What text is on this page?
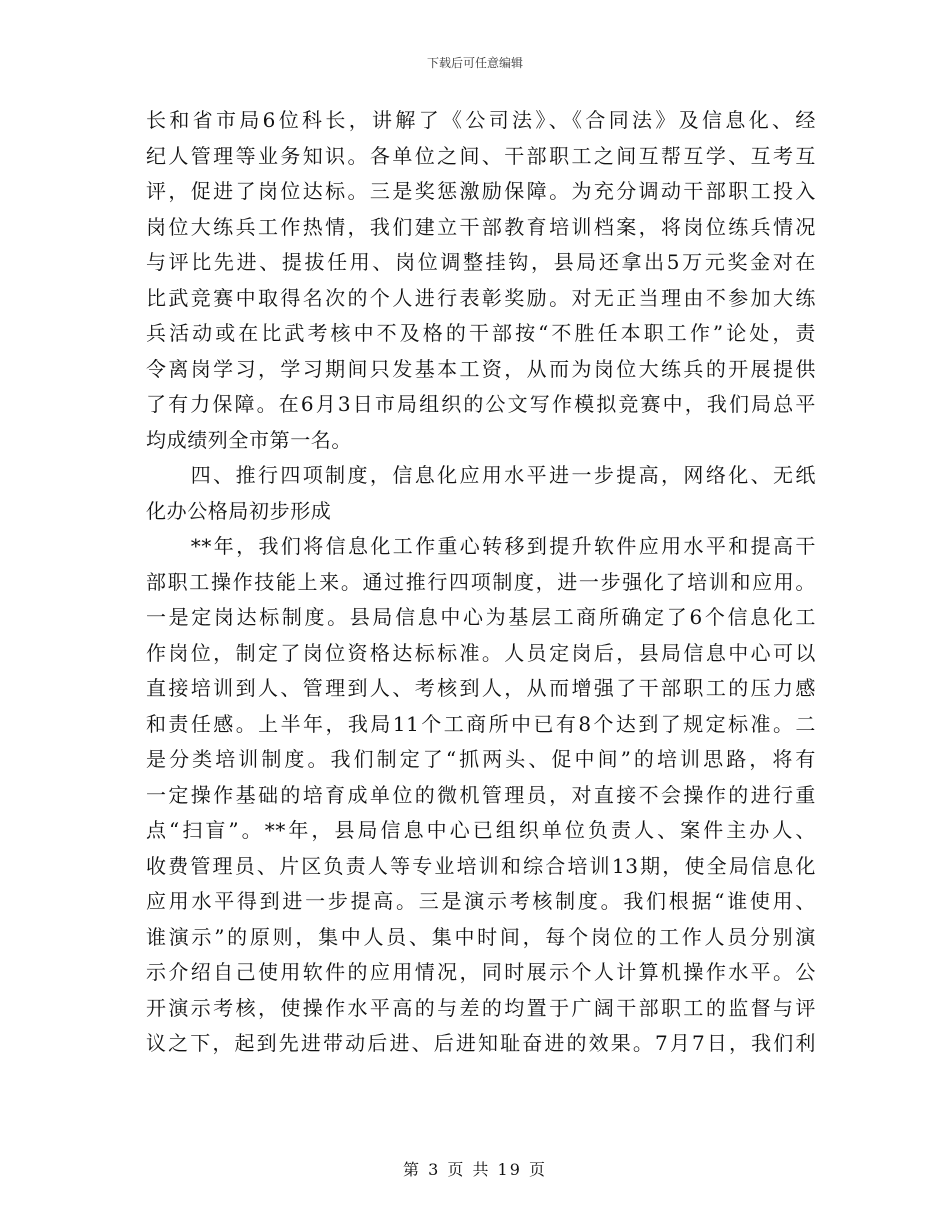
下载后可任意编辑
长和省市局6位科长，讲解了《公司法》、《合同法》及信息化、经
纪人管理等业务知识。各单位之间、干部职工之间互帮互学、互考互
评，促进了岗位达标。三是奖惩激励保障。为充分调动干部职工投入
岗位大练兵工作热情，我们建立干部教育培训档案，将岗位练兵情况
与评比先进、提拔任用、岗位调整挂钩，县局还拿出5万元奖金对在
比武竞赛中取得名次的个人进行表彰奖励。对无正当理由不参加大练
兵活动或在比武考核中不及格的干部按“不胜任本职工作”论处，责
令离岗学习，学习期间只发基本工资，从而为岗位大练兵的开展提供
了有力保障。在6月3日市局组织的公文写作模拟竞赛中，我们局总平
均成绩列全市第一名。
　　四、推行四项制度，信息化应用水平进一步提高，网络化、无纸
化办公格局初步形成
　　**年，我们将信息化工作重心转移到提升软件应用水平和提高干
部职工操作技能上来。通过推行四项制度，进一步强化了培训和应用。
一是定岗达标制度。县局信息中心为基层工商所确定了6个信息化工
作岗位，制定了岗位资格达标标准。人员定岗后，县局信息中心可以
直接培训到人、管理到人、考核到人，从而增强了干部职工的压力感
和责任感。上半年，我局11个工商所中已有8个达到了规定标准。二
是分类培训制度。我们制定了“抓两头、促中间”的培训思路，将有
一定操作基础的培育成单位的微机管理员，对直接不会操作的进行重
点“扫盲”。**年，县局信息中心已组织单位负责人、案件主办人、
收费管理员、片区负责人等专业培训和综合培训13期，使全局信息化
应用水平得到进一步提高。三是演示考核制度。我们根据“谁使用、
谁演示”的原则，集中人员、集中时间，每个岗位的工作人员分别演
示介绍自己使用软件的应用情况，同时展示个人计算机操作水平。公
开演示考核，使操作水平高的与差的均置于广阔干部职工的监督与评
议之下，起到先进带动后进、后进知耻奋进的效果。7月7日，我们利
第 3 页 共 19 页
